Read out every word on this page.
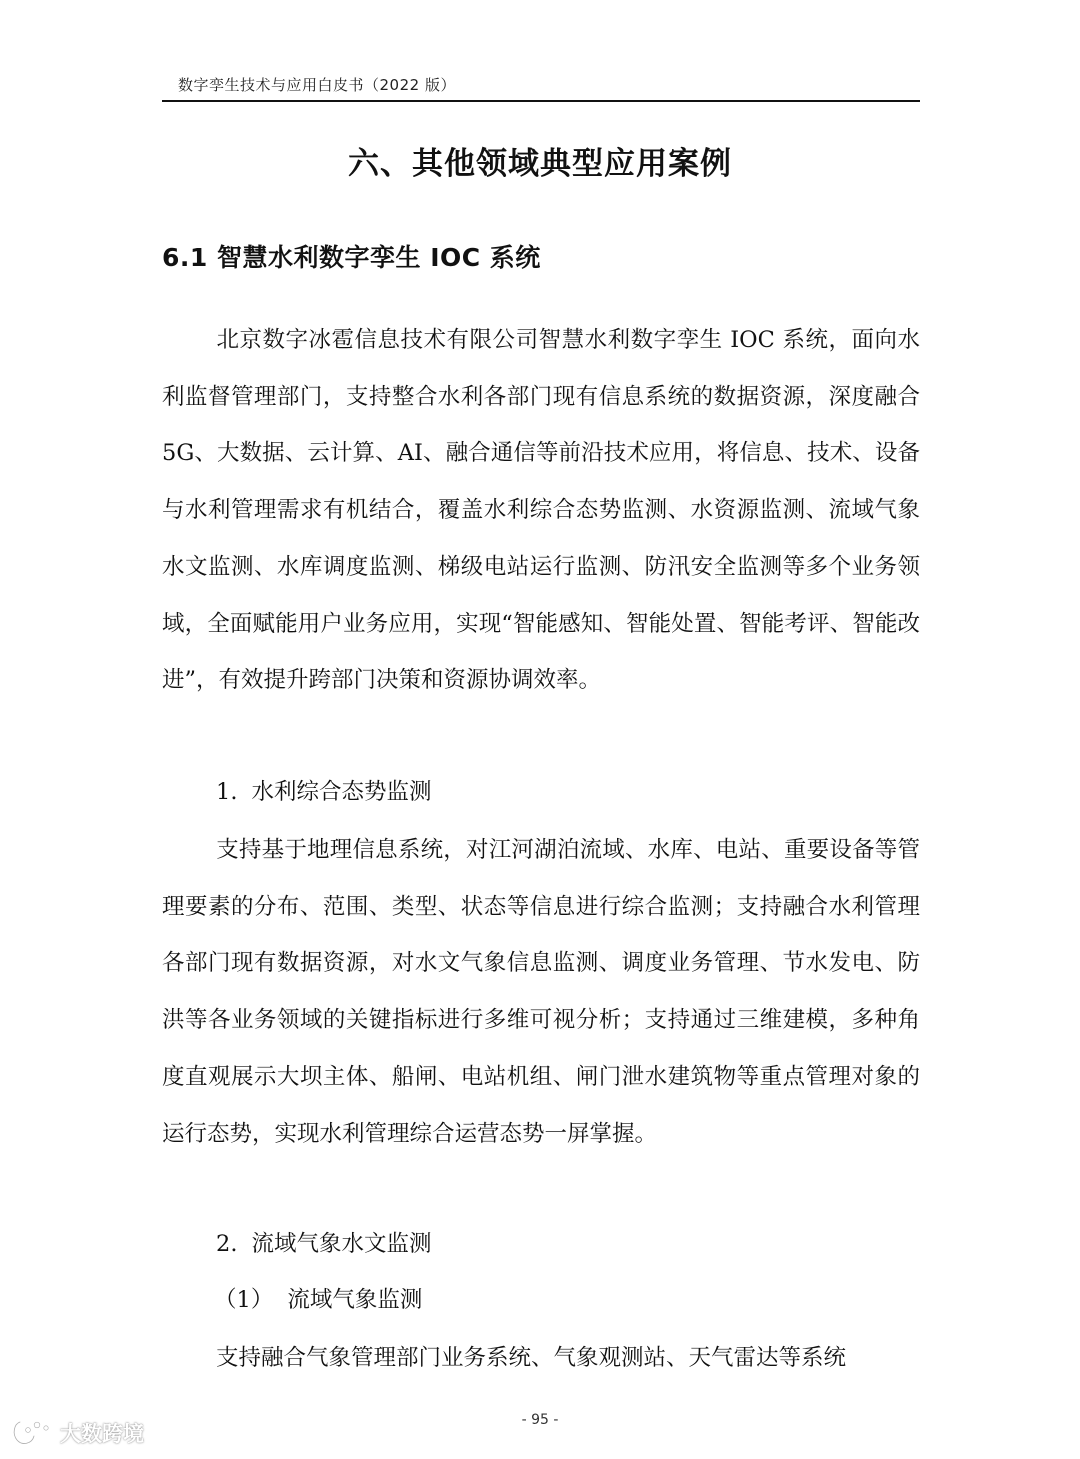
数字孪生技术与应用白皮书（2022 版）
六、其他领域典型应用案例
6.1 智慧水利数字孪生 IOC 系统

北京数字冰雹信息技术有限公司智慧水利数字孪生 IOC 系统，面向水利监督管理部门，支持整合水利各部门现有信息系统的数据资源，深度融合 5G、大数据、云计算、AI、融合通信等前沿技术应用，将信息、技术、设备与水利管理需求有机结合，覆盖水利综合态势监测、水资源监测、流域气象水文监测、水库调度监测、梯级电站运行监测、防汛安全监测等多个业务领域，全面赋能用户业务应用，实现“智能感知、智能处置、智能考评、智能改进”，有效提升跨部门决策和资源协调效率。

1. 水利综合态势监测

支持基于地理信息系统，对江河湖泊流域、水库、电站、重要设备等管理要素的分布、范围、类型、状态等信息进行综合监测；支持融合水利管理各部门现有数据资源，对水文气象信息监测、调度业务管理、节水发电、防洪等各业务领域的关键指标进行多维可视分析；支持通过三维建模，多种角度直观展示大坝主体、船闸、电站机组、闸门泄水建筑物等重点管理对象的运行态势，实现水利管理综合运营态势一屏掌握。

2. 流域气象水文监测
（1） 流域气象监测

支持融合气象管理部门业务系统、气象观测站、天气雷达等系统

- 95 -
大数跨境
